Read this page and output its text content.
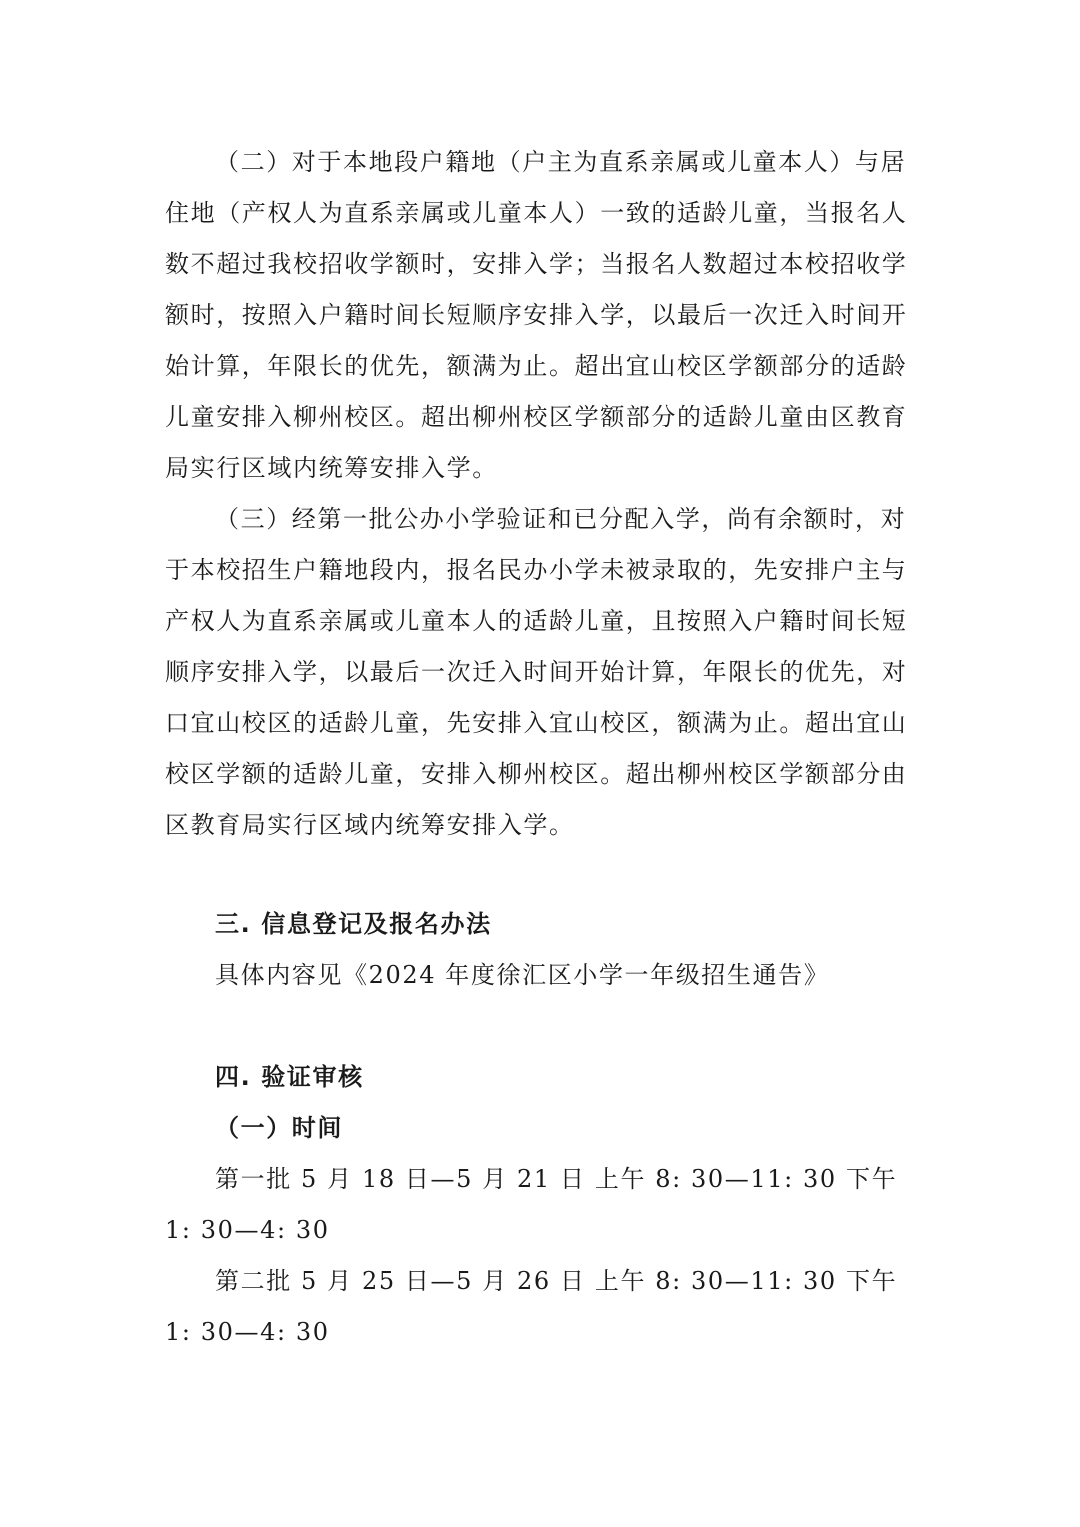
（二）对于本地段户籍地（户主为直系亲属或儿童本人）与居住地（产权人为直系亲属或儿童本人）一致的适龄儿童，当报名人数不超过我校招收学额时，安排入学；当报名人数超过本校招收学额时，按照入户籍时间长短顺序安排入学，以最后一次迁入时间开始计算，年限长的优先，额满为止。超出宜山校区学额部分的适龄儿童安排入柳州校区。超出柳州校区学额部分的适龄儿童由区教育局实行区域内统筹安排入学。

（三）经第一批公办小学验证和已分配入学，尚有余额时，对于本校招生户籍地段内，报名民办小学未被录取的，先安排户主与产权人为直系亲属或儿童本人的适龄儿童，且按照入户籍时间长短顺序安排入学，以最后一次迁入时间开始计算，年限长的优先，对口宜山校区的适龄儿童，先安排入宜山校区，额满为止。超出宜山校区学额的适龄儿童，安排入柳州校区。超出柳州校区学额部分由区教育局实行区域内统筹安排入学。

三. 信息登记及报名办法

具体内容见《2024 年度徐汇区小学一年级招生通告》

四. 验证审核

（一）时间

第一批 5 月 18 日—5 月 21 日 上午 8: 30—11: 30 下午 1: 30—4: 30

第二批 5 月 25 日—5 月 26 日 上午 8: 30—11: 30 下午 1: 30—4: 30
